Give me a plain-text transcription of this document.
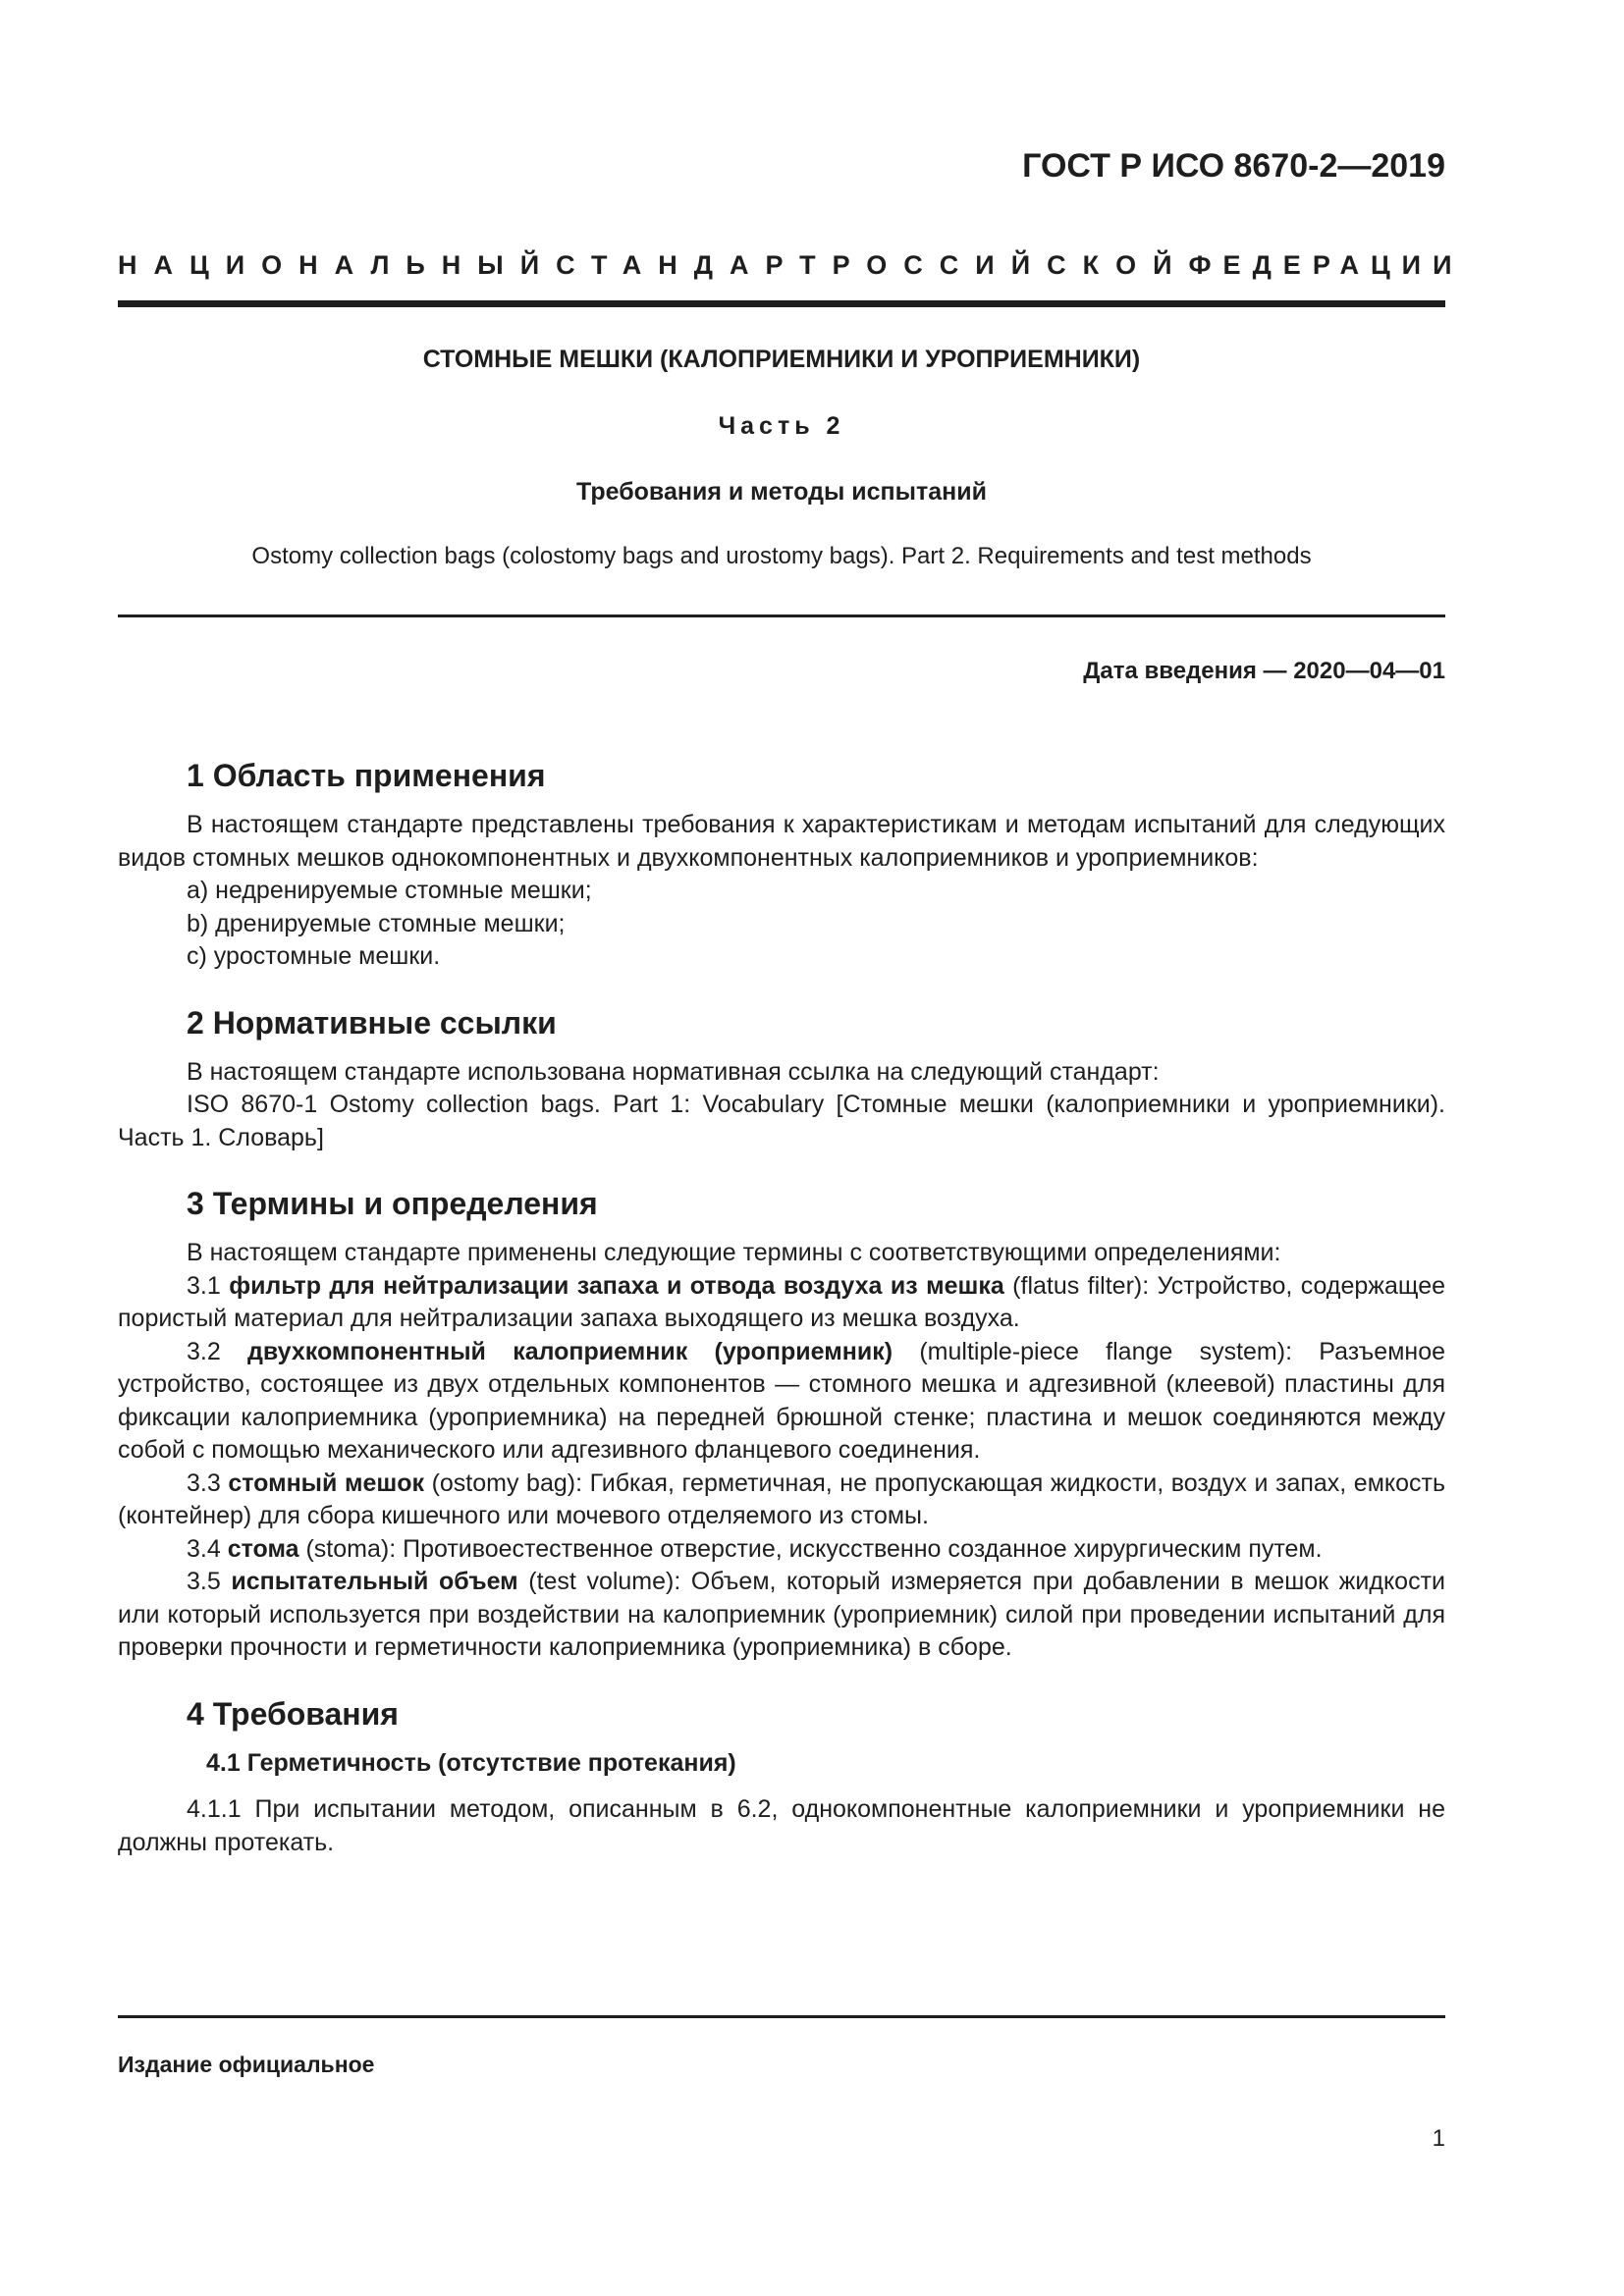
ГОСТ Р ИСО 8670-2—2019
НАЦИОНАЛЬНЫЙ СТАНДАРТ РОССИЙСКОЙ ФЕДЕРАЦИИ
СТОМНЫЕ МЕШКИ (КАЛОПРИЕМНИКИ И УРОПРИЕМНИКИ)
Часть 2
Требования и методы испытаний
Ostomy collection bags (colostomy bags and urostomy bags). Part 2. Requirements and test methods
Дата введения — 2020—04—01
1 Область применения

В настоящем стандарте представлены требования к характеристикам и методам испытаний для следующих видов стомных мешков однокомпонентных и двухкомпонентных калоприемников и уроприемников:

a) недренируемые стомные мешки;

b) дренируемые стомные мешки;

c) уростомные мешки.

2 Нормативные ссылки

В настоящем стандарте использована нормативная ссылка на следующий стандарт:

ISO 8670-1 Ostomy collection bags. Part 1: Vocabulary [Стомные мешки (калоприемники и уроприемники). Часть 1. Словарь]

3 Термины и определения

В настоящем стандарте применены следующие термины с соответствующими определениями:

3.1 фильтр для нейтрализации запаха и отвода воздуха из мешка (flatus filter): Устройство, содержащее пористый материал для нейтрализации запаха выходящего из мешка воздуха.

3.2 двухкомпонентный калоприемник (уроприемник) (multiple-piece flange system): Разъемное устройство, состоящее из двух отдельных компонентов — стомного мешка и адгезивной (клеевой) пластины для фиксации калоприемника (уроприемника) на передней брюшной стенке; пластина и мешок соединяются между собой с помощью механического или адгезивного фланцевого соединения.

3.3 стомный мешок (ostomy bag): Гибкая, герметичная, не пропускающая жидкости, воздух и запах, емкость (контейнер) для сбора кишечного или мочевого отделяемого из стомы.

3.4 стома (stoma): Противоестественное отверстие, искусственно созданное хирургическим путем.

3.5 испытательный объем (test volume): Объем, который измеряется при добавлении в мешок жидкости или который используется при воздействии на калоприемник (уроприемник) силой при проведении испытаний для проверки прочности и герметичности калоприемника (уроприемника) в сборе.

4 Требования
4.1 Герметичность (отсутствие протекания)

4.1.1 При испытании методом, описанным в 6.2, однокомпонентные калоприемники и уроприемники не должны протекать.

Издание официальное
1
